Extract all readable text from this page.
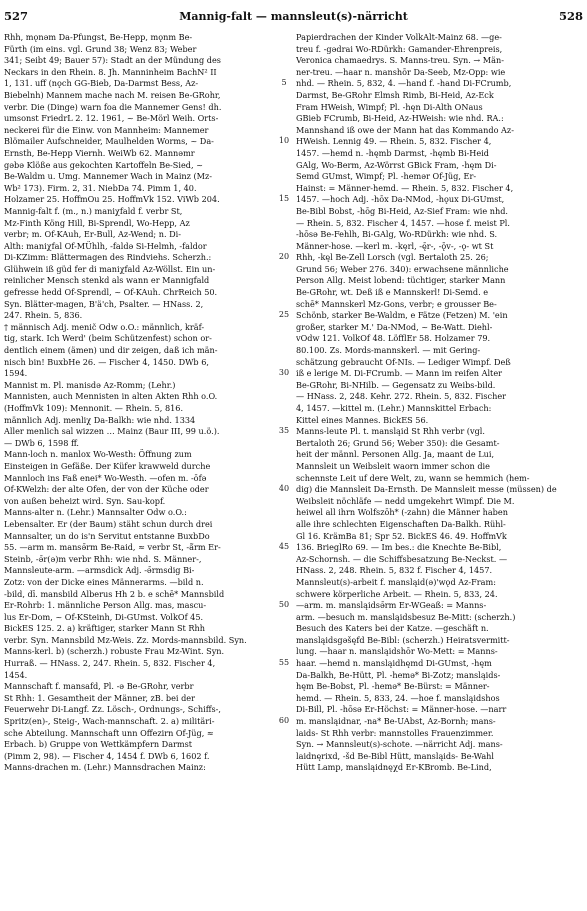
527	Mannig-falt — mannsleut(s)-närricht	528
Rhh, mǫnǝm Da-Pfungst, Be-Hepp, mǫnm Be-
Fürth (im eins. vgl. Grund 38; Wenz 83; Weber
341; Seibt 49; Bauer 57): Stadt an der Mündung des
Neckars in den Rhein. 8. Jh. Manninheim BachN² II
1, 131. uff (nǫch GG-Bieb, Da-Darmst Bess, Az-
Biebelnh) Mannem mache nach M. reisen Be-GRohr,
verbr. Die (Dinge) warn foa die Mannemer Gens! dh.
umsonst FriedrL 2. 12. 1961, ~ Be-Mörl Weih. Orts-
neckerei für die Einw. von Mannheim: Mannemer
Blömailer Aufschneider, Maulhelden Worms, ~ Da-
Ernsth, Be-Hepp Viernh. WeiWb 62. Mannǝmr
gǝbǝ Klöße aus gekochten Kartoffeln Be-Sied, ~
Be-Waldm u. Umg. Mannemer Wach in Mainz (Mz-
Wb² 173). Firm. 2, 31. NiebDa 74. Pimm 1, 40.
Holzamer 25. HoffmOu 25. HoffmVk 152. ViWb 204.
Mannig-falt f. (m., n.) maniχfald f. verbr St,
Mz-Finth Köng Hill, Bi-Sprendl, Wo-Hepp, Az
verbr; m. Of-KAuh, Er-Bull, Az-Wend; n. Di-
Alth: maniχfal Of-MÜhlh, -faldǝ Si-Helmh, -faldor
Di-KZimm: Blättermagen des Rindviehs. Scherzh.:
Glühwein iß güd fer di maniχfald Az-Wöllst. Ein un-
reinlicher Mensch stenkd als wann er Mannigfald
gefresse hedd Of-Sprendl, ~ Of-KAuh. ChrReich 50.
Syn. Blätter-magen, B'ä'ch, Psalter. — HNass. 2,
247. Rhein. 5, 836.
† männisch Adj. menič Odw o.O.: männlich, kräf-
tig, stark. Ich Werd' (beim Schützenfest) schon or-
dentlich einem (ämen) und dir zeigen, daß ich män-
nisch bin! BuxbHe 26. — Fischer 4, 1450. DWb 6,
1594.
Mannist m. Pl. manisdǝ Az-Romm; (Lehr.)
Mannisten, auch Mennisten in alten Akten Rhh o.O.
(HoffmVk 109): Mennonit. — Rhein. 5, 816.
männlich Adj. menliχ Da-Balkh: wie nhd. 1334
Aller menlich sal wizzen … Mainz (Baur III, 99 u.ö.).
— DWb 6, 1598 ff.
Mann-loch n. manlox Wo-Westh: Öffnung zum
Einsteigen in Gefäße. Der Küfer krawweld durche
Mannloch ins Faß enei* Wo-Westh. —ofen m. -ōfǝ
Of-KWelzh: der alte Ofen, der von der Küche oder
von außen beheizt wird. Syn. Sau-kopf.
Manns-alter n. (Lehr.) Mannsalter Odw o.O.:
Lebensalter. Er (der Baum) stäht schun durch drei
Mannsalter, un do is'n Servitut entstanne BuxbDo
55. —arm m. mansǝ̄rm Be-Raid, ≈ verbr St, -ā̃rm Er-
Steinb, -ǝ̄r(ǝ)m verbr Rhh: wie nhd. S. Männer-,
Mannsleute-arm. —armsdick Adj. -ǝ̄rmsdig Bi-
Zotz: von der Dicke eines Männerarms. —bild n.
-bild, dī. mansbild Alberus Hh 2 b. e schē* Mannsbild
Er-Rohrb: 1. männliche Person Allg. mas, mascu-
lus Er-Dom, ~ Of-KSteinh, Di-GUmst. VolkOf 45.
BickES 125. 2. a) kräftiger, starker Mann St Rhh
verbr. Syn. Mannsbild Mz-Weis. Zz. Mords-mannsbild. Syn.
Manns-kerl. b) (scherzh.) robuste Frau Mz-Wint. Syn.
Hurraß. — HNass. 2, 247. Rhein. 5, 832. Fischer 4,
1454.
Mannschaft f. mansafd, Pl. -ǝ Be-GRohr, verbr
St Rhh: 1. Gesamtheit der Männer, zB. bei der
Feuerwehr Di-Langf. Zz. Lösch-, Ordnungs-, Schiffs-,
Spritz(en)-, Steig-, Wach-mannschaft. 2. a) militäri-
sche Abteilung. Mannschaft unn Offezirn Of-Jüg, ≈
Erbach. b) Gruppe von Wettkämpfern Darmst
(Pimm 2, 98). — Fischer 4, 1454 f. DWb 6, 1602 f.
Manns-drachen m. (Lehr.) Mannsdrachen Mainz:
5
10
15
20
25
30
35
40
45
50
55
60
Papierdrachen der Kinder VolkAlt-Mainz 68. —ge-
treu f. -gǝdrai Wo-RDürkh: Gamander-Ehrenpreis,
Veronica chamaedrys. S. Manns-treu. Syn. → Män-
ner-treu. —haar n. manshōr Da-Seeb, Mz-Opp: wie
nhd. — Rhein. 5, 832, 4. —hand f. -hand Di-FCrumb,
Darmst, Be-GRohr Elmsh Rimb, Bi-Heid, Az-Eck
Fram HWeish, Wimpf; Pl. -hęn Di-Alth ONaus
GBieb FCrumb, Bi-Heid, Az-HWeish: wie nhd. RA.:
Mannshand iß owe der Mann hat das Kommando Az-
HWeish. Lennig 49. — Rhein. 5, 832. Fischer 4,
1457. —hemd n. -hęmb Darmst, -hęmb Bi-Heid
GAlg, Wo-Berm, Az-Wörrst GBick Fram, -hęm Di-
Semd GUmst, Wimpf; Pl. -hemǝr Of-Jüg, Er-
Hainst: = Männer-hemd. — Rhein. 5, 832. Fischer 4,
1457. —hoch Adj. -hōx Da-NMod, -hǫux Di-GUmst,
Be-Bibl Bobst, -hōg Bi-Heid, Az-Sief Fram: wie nhd.
— Rhein. 5, 832. Fischer 4, 1457. —hose f. meist Pl.
-hōsǝ Be-Fehlh, Bi-GAlg, Wo-RDürkh: wie nhd. S.
Männer-hose. —kerl m. -kęrl, -ę̄r-, -ǭv-, -ǫ- wt St
Rhh, -kęl Be-Zell Lorsch (vgl. Bertaloth 25. 26;
Grund 56; Weber 276. 340): erwachsene männliche
Person Allg. Meist lobend: tüchtiger, starker Mann
Be-GRohr, wt. Deß iß e Mannskerl! Di-Semd. e
schē* Mannskerl Mz-Gons, verbr; e grousser Be-
Schönb, starker Be-Waldm, e Fätze (Fetzen) M. 'ein
großer, starker M.' Da-NMod, ~ Be-Watt. Diehl-
vOdw 121. VolkOf 48. LöfflEr 58. Holzamer 79.
80.100. Zs. Mords-mannskerl. — mit Gering-
schätzung gebraucht Of-NIs. — Lediger Wimpf. Deß
iß e lerige M. Di-FCrumb. — Mann im reifen Alter
Be-GRohr, Bi-NHilb. — Gegensatz zu Weibs-bild.
— HNass. 2, 248. Kehr. 272. Rhein. 5, 832. Fischer
4, 1457. —kittel m. (Lehr.) Mannskittel Erbach:
Kittel eines Mannes. BickES 56.
Manns-leute Pl. t. mansląid St Rhh verbr (vgl.
Bertaloth 26; Grund 56; Weber 350): die Gesamt-
heit der männl. Personen Allg. Ja, maant de Lui,
Mannsleit un Weibsleit waorn immer schon die
schennste Leit uf dere Welt, zu, wann se hemmich (hem-
dig) die Mannsleit Da-Ernsth. De Mannsleit messe (müssen) de
Weibsleit nöchläfe — nedd umgekehrt Wimpf. Die M.
heiwel all ihrn Wolfszōh* (-zahn) die Männer haben
alle ihre schlechten Eigenschaften Da-Balkh. Rühl-
Gl 16. KrämBa 81; Spr 52. BickES 46. 49. HoffmVk
136. BrieglRo 69. — Im bes.: die Knechte Be-Bibl,
Az-Schornsh. — die Schiffsbesatzung Be-Neckst. —
HNass. 2, 248. Rhein. 5, 832 f. Fischer 4, 1457.
Mannsleut(s)-arbeit f. mansląid(ǝ)'wǫd Az-Fram:
schwere körperliche Arbeit. — Rhein. 5, 833, 24.
—arm. m. mansląidsǝ̄rm Er-WGeaß: = Manns-
arm. —besuch m. mansląidsbesuz Be-Mitt: (scherzh.)
Besuch des Katers bei der Katze. —geschäft n.
mansląidsgǝšęfd Be-Bibl: (scherzh.) Heiratsvermitt-
lung. —haar n. mansląidshōr Wo-Mett: = Manns-
haar. —hemd n. mansląidhęmd Di-GUmst, -hęm
Da-Balkh, Be-Hütt, Pl. -hemǝ* Bi-Zotz; mansląids-
hęm Be-Bobst, Pl. -hemǝ* Be-Bürst: = Männer-
hemd. — Rhein. 5, 833, 24. —hoe f. mansląidshos
Di-Bill, Pl. -hōsǝ Er-Höchst: = Männer-hose. —narr
m. mansląidnar, -na* Be-UAbst, Az-Bornh; mans-
laids- St Rhh verbr: mannstolles Frauenzimmer.
Syn. → Mannsleut(s)-schote. —närricht Adj. mans-
laidnęrixd, -šd Be-Bibl Hütt, mansląids- Be-Wahl
Hütt Lamp, mansląidnęχd Er-KBromb. Be-Lind,
